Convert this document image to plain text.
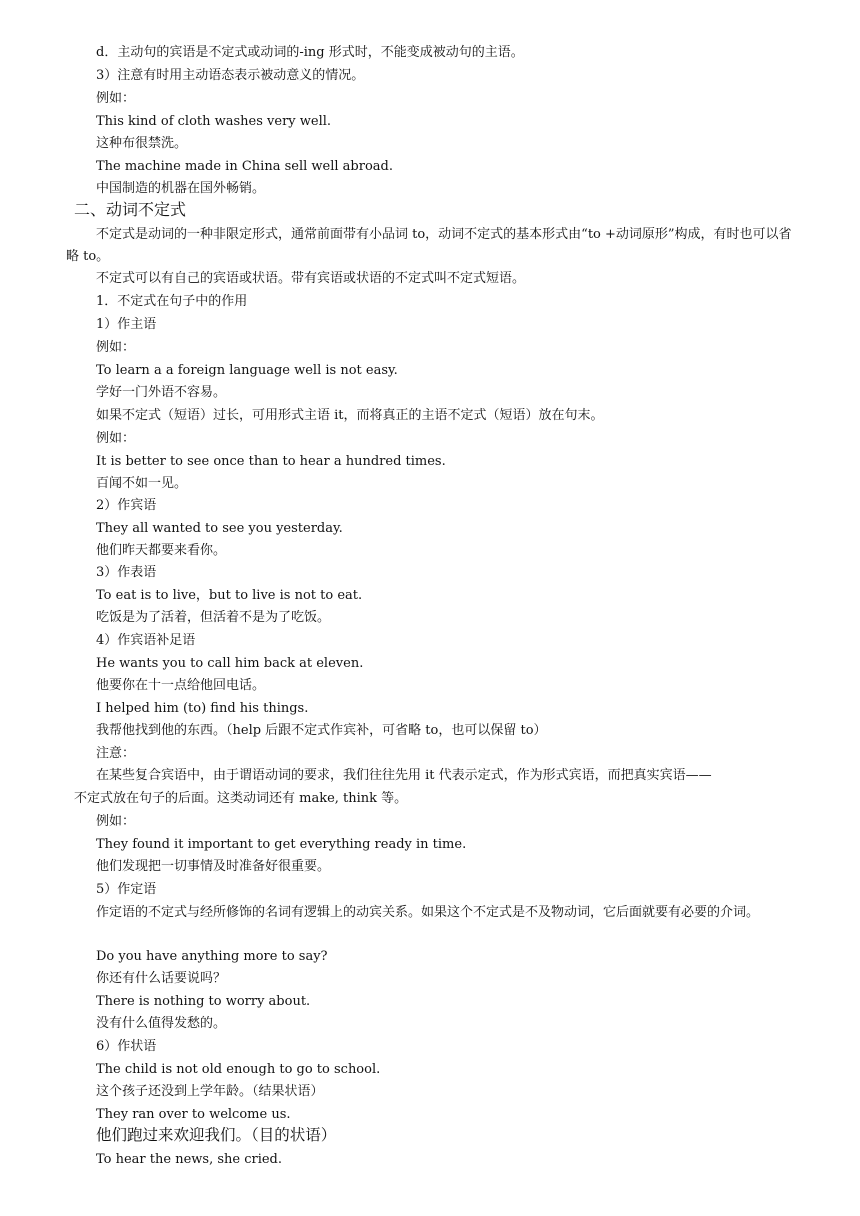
d．主动句的宾语是不定式或动词的-ing 形式时，不能变成被动句的主语。
3）注意有时用主动语态表示被动意义的情况。
例如：
This kind of cloth washes very well.
这种布很禁洗。
The machine made in China sell well abroad.
中国制造的机器在国外畅销。
二、动词不定式
不定式是动词的一种非限定形式，通常前面带有小品词 to，动词不定式的基本形式由“to +动词原形”构成，有时也可以省略 to。
不定式可以有自己的宾语或状语。带有宾语或状语的不定式叫不定式短语。
1．不定式在句子中的作用
1）作主语
例如：
To learn a a foreign language well is not easy.
学好一门外语不容易。
如果不定式（短语）过长，可用形式主语 it，而将真正的主语不定式（短语）放在句末。
例如：
It is better to see once than to hear a hundred times.
百闻不如一见。
2）作宾语
They all wanted to see you yesterday.
他们昨天都要来看你。
3）作表语
To eat is to live，but to live is not to eat.
吃饭是为了活着，但活着不是为了吃饭。
4）作宾语补足语
He wants you to call him back at eleven.
他要你在十一点给他回电话。
I helped him (to) find his things.
我帮他找到他的东西。（help 后跟不定式作宾补，可省略 to，也可以保留 to）
注意：
在某些复合宾语中，由于谓语动词的要求，我们往往先用 it 代表示定式，作为形式宾语，而把真实宾语——
不定式放在句子的后面。这类动词还有 make, think 等。
例如：
They found it important to get everything ready in time.
他们发现把一切事情及时准备好很重要。
5）作定语
作定语的不定式与经所修饰的名词有逻辑上的动宾关系。如果这个不定式是不及物动词，它后面就要有必要的介词。
Do you have anything more to say?
你还有什么话要说吗？
There is nothing to worry about.
没有什么值得发愁的。
6）作状语
The child is not old enough to go to school.
这个孩子还没到上学年龄。（结果状语）
They ran over to welcome us.
他们跑过来欢迎我们。（目的状语）
To hear the news, she cried.
